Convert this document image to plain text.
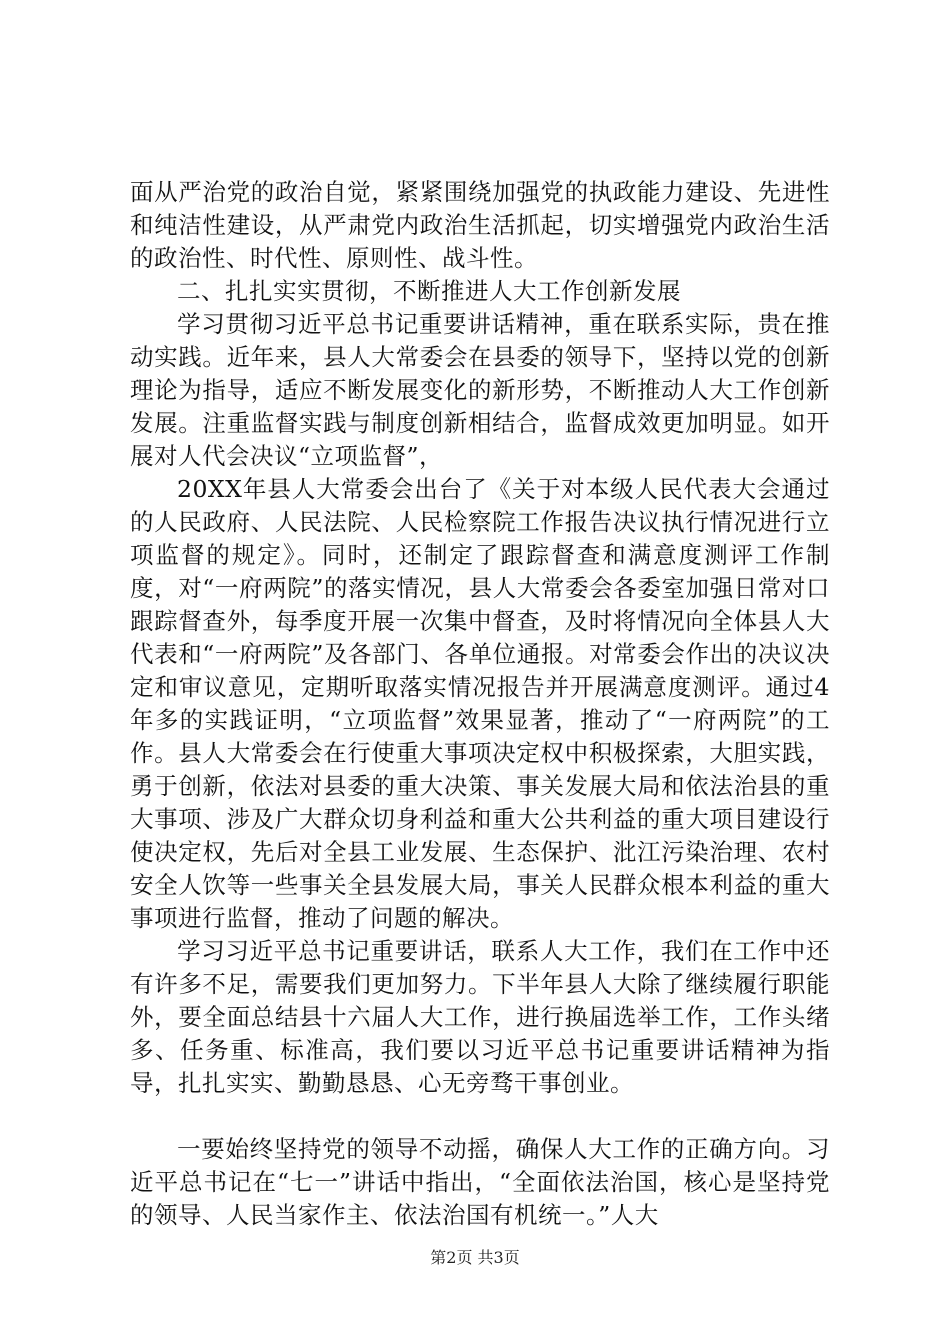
面从严治党的政治自觉，紧紧围绕加强党的执政能力建设、先进性和纯洁性建设，从严肃党内政治生活抓起，切实增强党内政治生活的政治性、时代性、原则性、战斗性。

二、扎扎实实贯彻，不断推进人大工作创新发展

学习贯彻习近平总书记重要讲话精神，重在联系实际，贵在推动实践。近年来，县人大常委会在县委的领导下，坚持以党的创新理论为指导，适应不断发展变化的新形势，不断推动人大工作创新发展。注重监督实践与制度创新相结合，监督成效更加明显。如开展对人代会决议“立项监督”，

20XX年县人大常委会出台了《关于对本级人民代表大会通过的人民政府、人民法院、人民检察院工作报告决议执行情况进行立项监督的规定》。同时，还制定了跟踪督查和满意度测评工作制度，对“一府两院”的落实情况，县人大常委会各委室加强日常对口跟踪督查外，每季度开展一次集中督查，及时将情况向全体县人大代表和“一府两院”及各部门、各单位通报。对常委会作出的决议决定和审议意见，定期听取落实情况报告并开展满意度测评。通过4年多的实践证明，“立项监督”效果显著，推动了“一府两院”的工作。县人大常委会在行使重大事项决定权中积极探索，大胆实践，勇于创新，依法对县委的重大决策、事关发展大局和依法治县的重大事项、涉及广大群众切身利益和重大公共利益的重大项目建设行使决定权，先后对全县工业发展、生态保护、沘江污染治理、农村安全人饮等一些事关全县发展大局，事关人民群众根本利益的重大事项进行监督，推动了问题的解决。

学习习近平总书记重要讲话，联系人大工作，我们在工作中还有许多不足，需要我们更加努力。下半年县人大除了继续履行职能外，要全面总结县十六届人大工作，进行换届选举工作，工作头绪多、任务重、标准高，我们要以习近平总书记重要讲话精神为指导，扎扎实实、勤勤恳恳、心无旁骛干事创业。

一要始终坚持党的领导不动摇，确保人大工作的正确方向。习近平总书记在“七一”讲话中指出，“全面依法治国，核心是坚持党的领导、人民当家作主、依法治国有机统一。”人大

第2页 共3页
